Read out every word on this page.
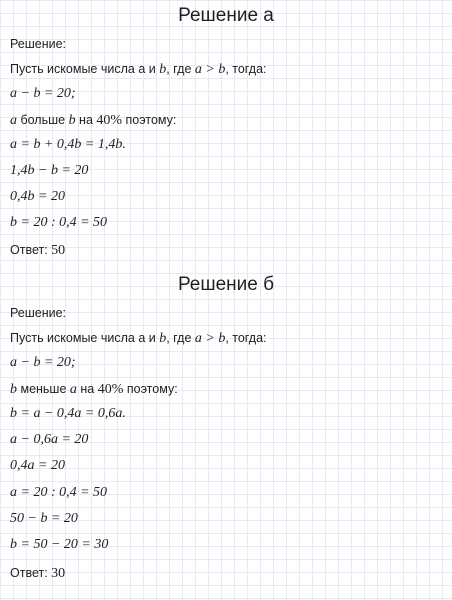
Решение а
Решение:
Пусть искомые числа а и b, где a > b, тогда:
a − b = 20;
a больше b на 40% поэтому:
a = b + 0,4b = 1,4b.
1,4b − b = 20
0,4b = 20
b = 20 : 0,4 = 50
Ответ: 50
Решение б
Решение:
Пусть искомые числа а и b, где a > b, тогда:
a − b = 20;
b меньше a на 40% поэтому:
b = a − 0,4a = 0,6a.
a − 0,6a = 20
0,4a = 20
a = 20 : 0,4 = 50
50 − b = 20
b = 50 − 20 = 30
Ответ: 30
